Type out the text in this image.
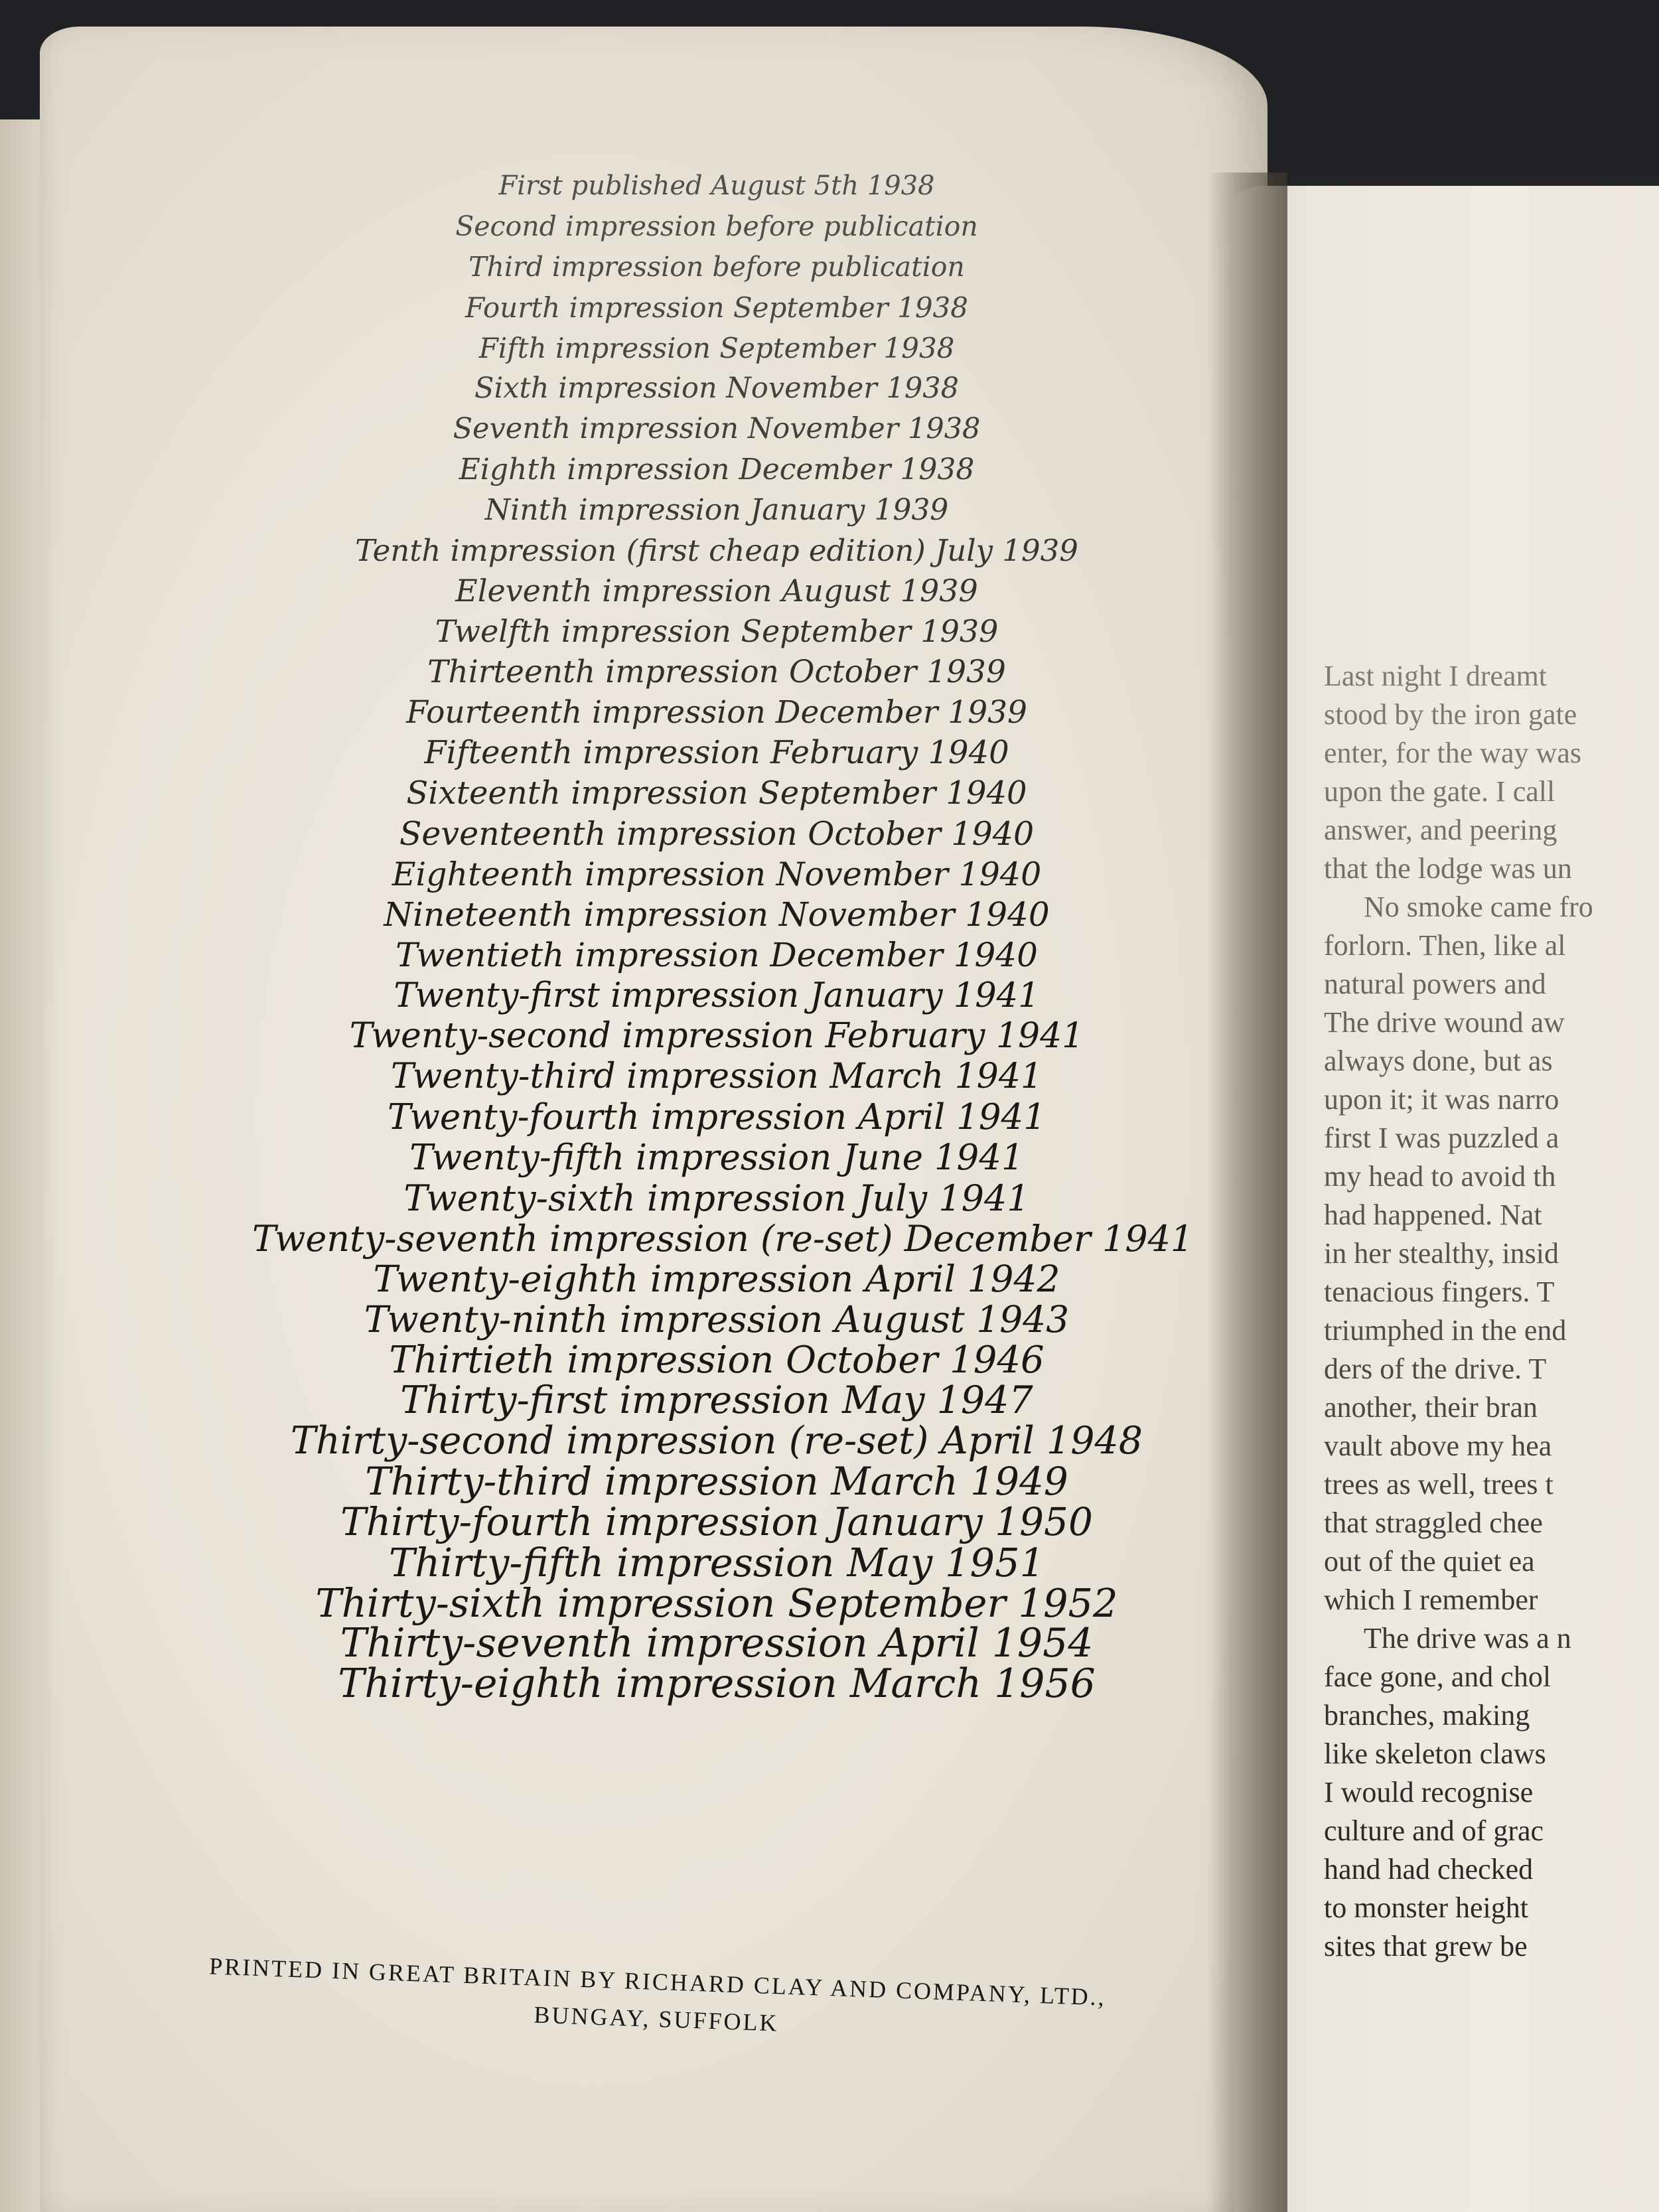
First published August 5th 1938
Second impression before publication
Third impression before publication
Fourth impression September 1938
Fifth impression September 1938
Sixth impression November 1938
Seventh impression November 1938
Eighth impression December 1938
Ninth impression January 1939
Tenth impression (first cheap edition) July 1939
Eleventh impression August 1939
Twelfth impression September 1939
Thirteenth impression October 1939
Fourteenth impression December 1939
Fifteenth impression February 1940
Sixteenth impression September 1940
Seventeenth impression October 1940
Eighteenth impression November 1940
Nineteenth impression November 1940
Twentieth impression December 1940
Twenty-first impression January 1941
Twenty-second impression February 1941
Twenty-third impression March 1941
Twenty-fourth impression April 1941
Twenty-fifth impression June 1941
Twenty-sixth impression July 1941
Twenty-seventh impression (re-set) December 1941
Twenty-eighth impression April 1942
Twenty-ninth impression August 1943
Thirtieth impression October 1946
Thirty-first impression May 1947
Thirty-second impression (re-set) April 1948
Thirty-third impression March 1949
Thirty-fourth impression January 1950
Thirty-fifth impression May 1951
Thirty-sixth impression September 1952
Thirty-seventh impression April 1954
Thirty-eighth impression March 1956
PRINTED IN GREAT BRITAIN BY RICHARD CLAY AND COMPANY, LTD.,
BUNGAY, SUFFOLK
Last night I dreamt
stood by the iron gate
enter, for the way was
upon the gate. I call
answer, and peering
that the lodge was un
No smoke came fro
forlorn. Then, like al
natural powers and
The drive wound aw
always done, but as
upon it; it was narro
first I was puzzled a
my head to avoid th
had happened. Nat
in her stealthy, insid
tenacious fingers. T
triumphed in the end
ders of the drive. T
another, their bran
vault above my hea
trees as well, trees t
that straggled chee
out of the quiet ea
which I remember
The drive was a n
face gone, and chol
branches, making
like skeleton claws
I would recognise
culture and of grac
hand had checked
to monster height
sites that grew be
